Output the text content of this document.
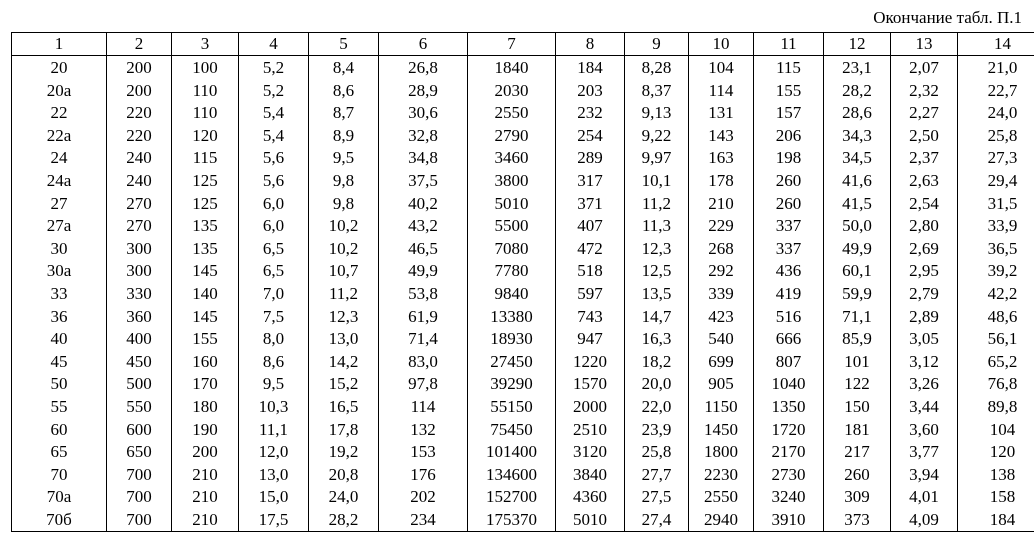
Окончание табл. П.1
1	2	3	4	5	6	7	8	9	10	11	12	13	14
20	200	100	5,2	8,4	26,8	1840	184	8,28	104	115	23,1	2,07	21,0
20а	200	110	5,2	8,6	28,9	2030	203	8,37	114	155	28,2	2,32	22,7
22	220	110	5,4	8,7	30,6	2550	232	9,13	131	157	28,6	2,27	24,0
22а	220	120	5,4	8,9	32,8	2790	254	9,22	143	206	34,3	2,50	25,8
24	240	115	5,6	9,5	34,8	3460	289	9,97	163	198	34,5	2,37	27,3
24а	240	125	5,6	9,8	37,5	3800	317	10,1	178	260	41,6	2,63	29,4
27	270	125	6,0	9,8	40,2	5010	371	11,2	210	260	41,5	2,54	31,5
27а	270	135	6,0	10,2	43,2	5500	407	11,3	229	337	50,0	2,80	33,9
30	300	135	6,5	10,2	46,5	7080	472	12,3	268	337	49,9	2,69	36,5
30а	300	145	6,5	10,7	49,9	7780	518	12,5	292	436	60,1	2,95	39,2
33	330	140	7,0	11,2	53,8	9840	597	13,5	339	419	59,9	2,79	42,2
36	360	145	7,5	12,3	61,9	13380	743	14,7	423	516	71,1	2,89	48,6
40	400	155	8,0	13,0	71,4	18930	947	16,3	540	666	85,9	3,05	56,1
45	450	160	8,6	14,2	83,0	27450	1220	18,2	699	807	101	3,12	65,2
50	500	170	9,5	15,2	97,8	39290	1570	20,0	905	1040	122	3,26	76,8
55	550	180	10,3	16,5	114	55150	2000	22,0	1150	1350	150	3,44	89,8
60	600	190	11,1	17,8	132	75450	2510	23,9	1450	1720	181	3,60	104
65	650	200	12,0	19,2	153	101400	3120	25,8	1800	2170	217	3,77	120
70	700	210	13,0	20,8	176	134600	3840	27,7	2230	2730	260	3,94	138
70а	700	210	15,0	24,0	202	152700	4360	27,5	2550	3240	309	4,01	158
70б	700	210	17,5	28,2	234	175370	5010	27,4	2940	3910	373	4,09	184
